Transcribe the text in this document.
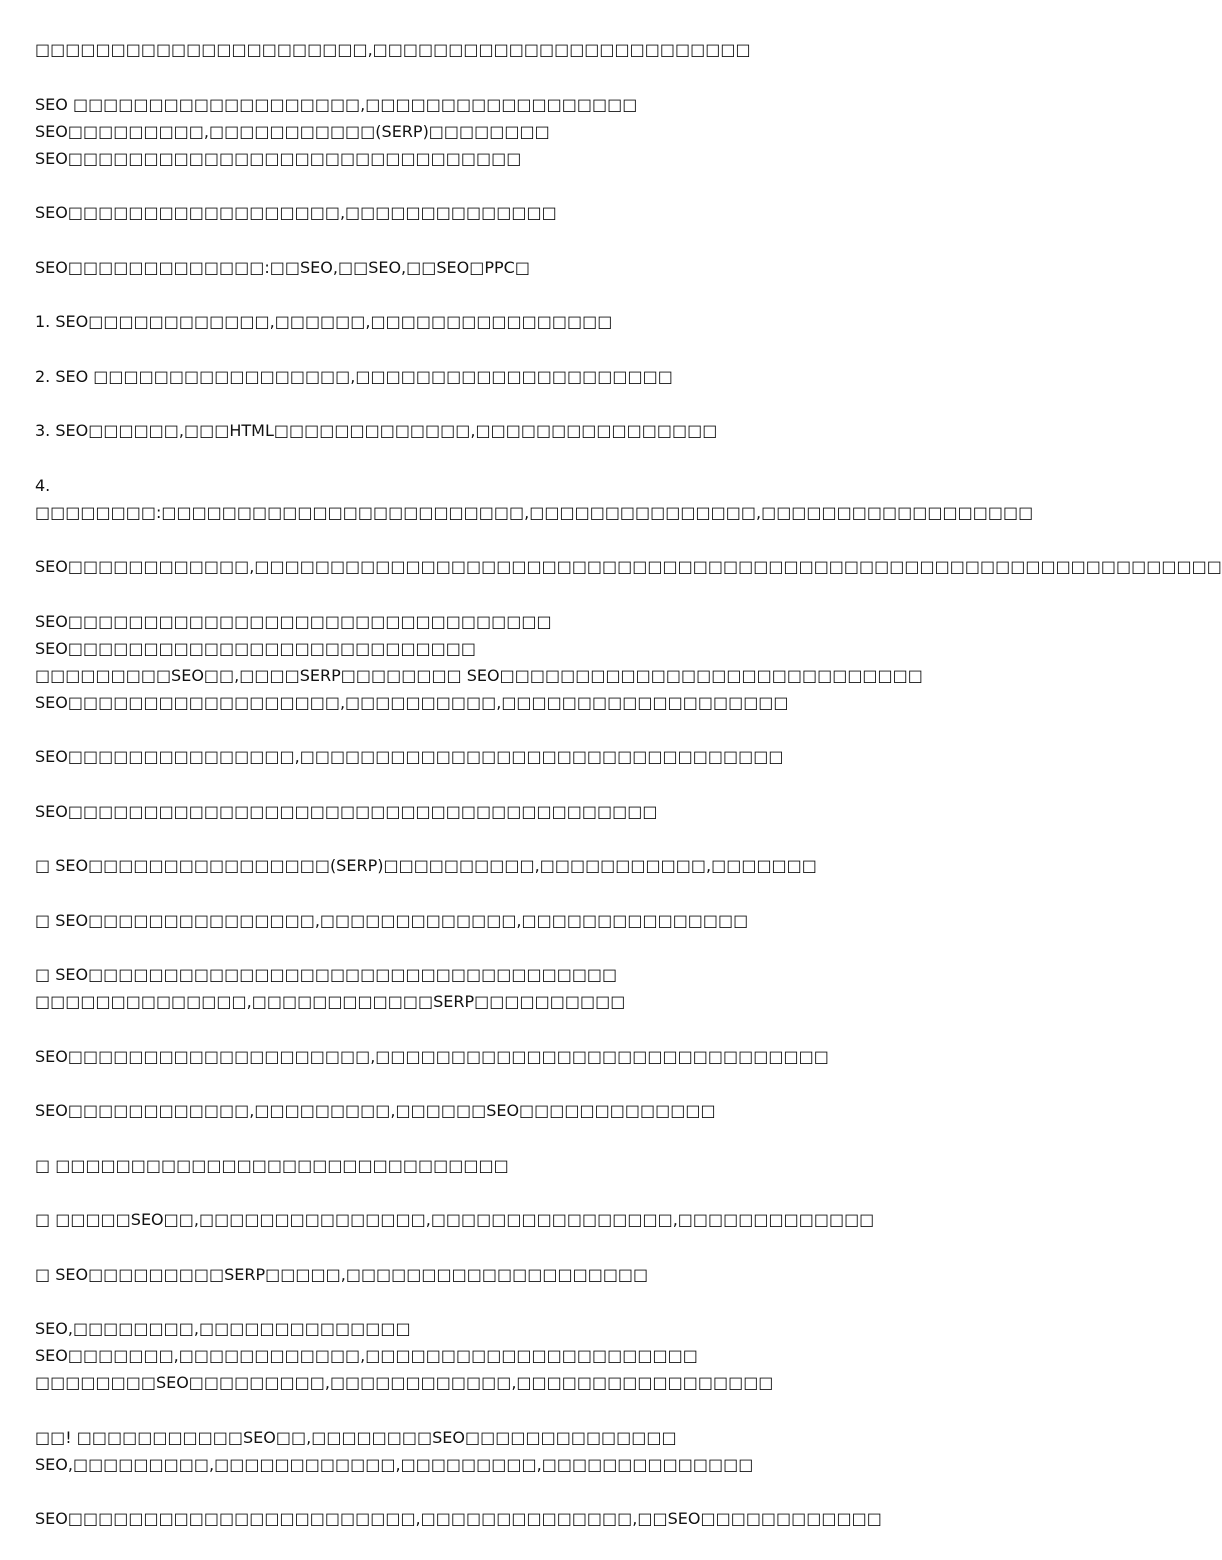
□□□□□□□□□□□□□□□□□□□□□□,□□□□□□□□□□□□□□□□□□□□□□□□□

SEO □□□□□□□□□□□□□□□□□□□,□□□□□□□□□□□□□□□□□□ SEO□□□□□□□□□,□□□□□□□□□□□(SERP)□□□□□□□□
SEO□□□□□□□□□□□□□□□□□□□□□□□□□□□□□□

SEO□□□□□□□□□□□□□□□□□□,□□□□□□□□□□□□□□

SEO□□□□□□□□□□□□□:□□SEO,□□SEO,□□SEO□PPC□

1. SEO□□□□□□□□□□□□,□□□□□□,□□□□□□□□□□□□□□□□

2. SEO □□□□□□□□□□□□□□□□□,□□□□□□□□□□□□□□□□□□□□□

3. SEO□□□□□□,□□□HTML□□□□□□□□□□□□□,□□□□□□□□□□□□□□□□

4. □□□□□□□□:□□□□□□□□□□□□□□□□□□□□□□□□,□□□□□□□□□□□□□□□,□□□□□□□□□□□□□□□□□□

SEO□□□□□□□□□□□□,□□□□□□□□□□□□□□□□□□□□□□□□□□□□□□□□□□□□□□□□□□□□□□□□□□□□□□□□□□□□□□□□

SEO□□□□□□□□□□□□□□□□□□□□□□□□□□□□□□□□ SEO□□□□□□□□□□□□□□□□□□□□□□□□□□□
□□□□□□□□□SEO□□,□□□□SERP□□□□□□□□ SEO□□□□□□□□□□□□□□□□□□□□□□□□□□□□
SEO□□□□□□□□□□□□□□□□□□,□□□□□□□□□□,□□□□□□□□□□□□□□□□□□□

SEO□□□□□□□□□□□□□□□,□□□□□□□□□□□□□□□□□□□□□□□□□□□□□□□□

SEO□□□□□□□□□□□□□□□□□□□□□□□□□□□□□□□□□□□□□□□

□ SEO□□□□□□□□□□□□□□□□(SERP)□□□□□□□□□□,□□□□□□□□□□□,□□□□□□□

□ SEO□□□□□□□□□□□□□□□,□□□□□□□□□□□□□,□□□□□□□□□□□□□□□

□ SEO□□□□□□□□□□□□□□□□□□□□□□□□□□□□□□□□□□□ □□□□□□□□□□□□□□,□□□□□□□□□□□□SERP□□□□□□□□□□

SEO□□□□□□□□□□□□□□□□□□□□,□□□□□□□□□□□□□□□□□□□□□□□□□□□□□□

SEO□□□□□□□□□□□□,□□□□□□□□□,□□□□□□SEO□□□□□□□□□□□□□

□ □□□□□□□□□□□□□□□□□□□□□□□□□□□□□□

□ □□□□□SEO□□,□□□□□□□□□□□□□□□,□□□□□□□□□□□□□□□□,□□□□□□□□□□□□□

□ SEO□□□□□□□□□SERP□□□□□,□□□□□□□□□□□□□□□□□□□□

SEO,□□□□□□□□,□□□□□□□□□□□□□□ SEO□□□□□□□,□□□□□□□□□□□□,□□□□□□□□□□□□□□□□□□□□□□
□□□□□□□□SEO□□□□□□□□□,□□□□□□□□□□□□,□□□□□□□□□□□□□□□□□

□□! □□□□□□□□□□□SEO□□,□□□□□□□□SEO□□□□□□□□□□□□□□
SEO,□□□□□□□□□,□□□□□□□□□□□□,□□□□□□□□□,□□□□□□□□□□□□□□

SEO□□□□□□□□□□□□□□□□□□□□□□□,□□□□□□□□□□□□□□,□□SEO□□□□□□□□□□□□
